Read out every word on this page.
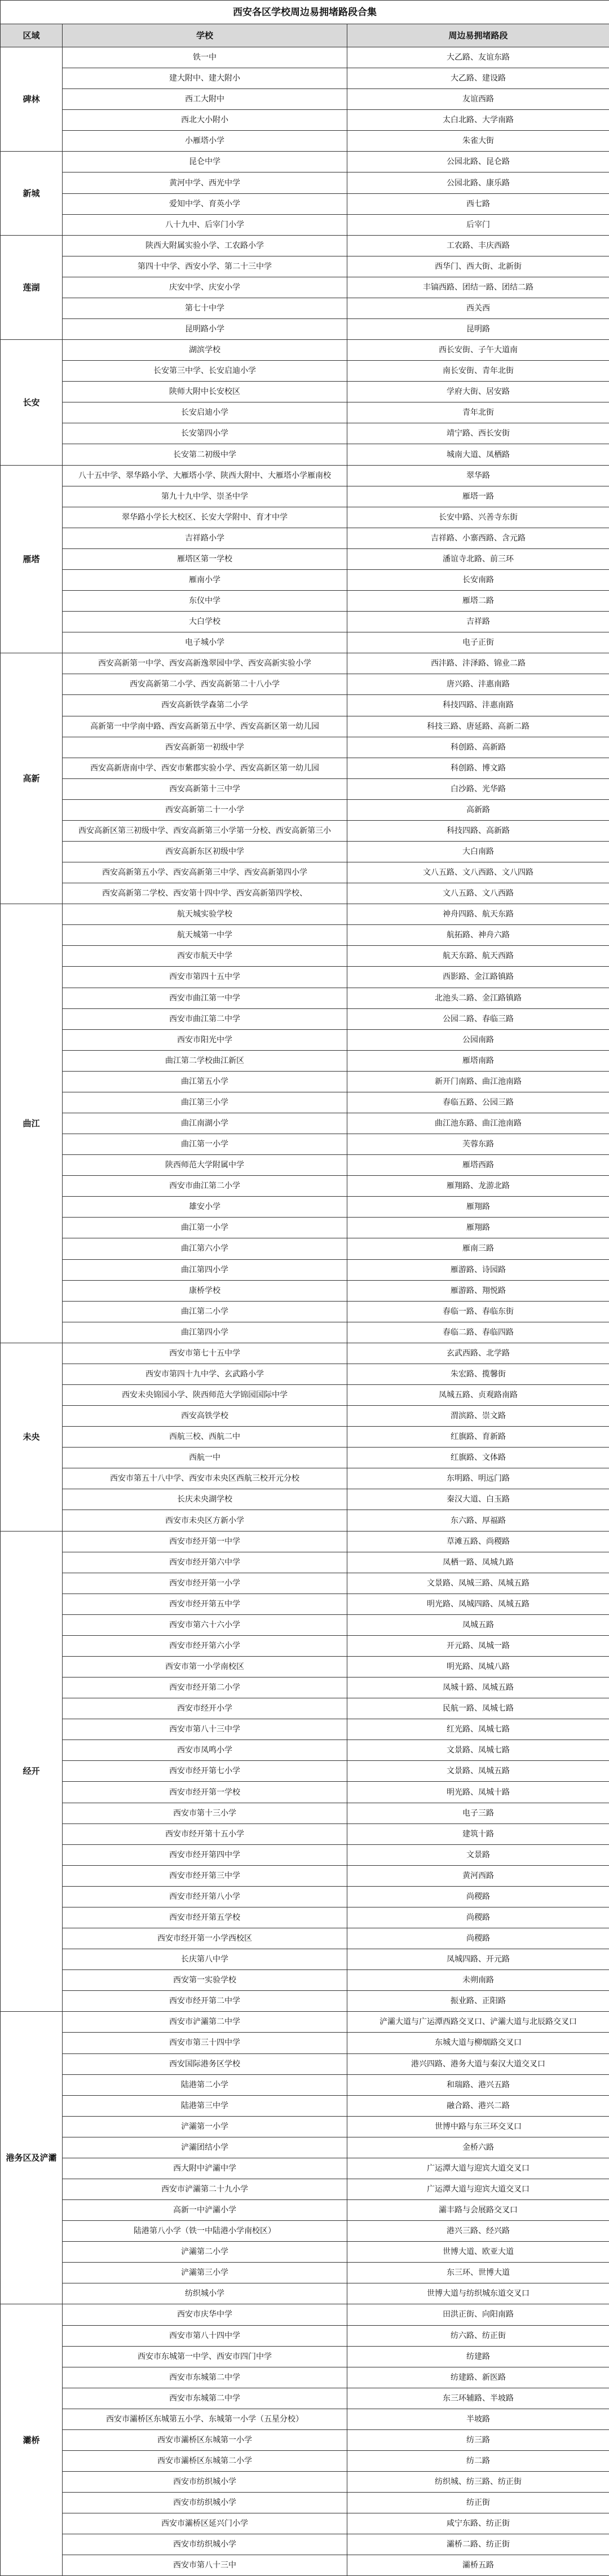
西安各区学校周边易拥堵路段合集		
区域	学校	周边易拥堵路段
碑林	铁一中	大乙路、友谊东路
	建大附中、建大附小	大乙路、建设路
	西工大附中	友谊西路
	西北大小附小	太白北路、大学南路
	小雁塔小学	朱雀大街
新城	昆仑中学	公园北路、昆仑路
	黄河中学、西光中学	公园北路、康乐路
	爱知中学、育英小学	西七路
	八十九中、后宰门小学	后宰门
莲湖	陕西大附属实验小学、工农路小学	工农路、丰庆西路
	第四十中学、西安小学、第二十三中学	西华门、西大街、北新街
	庆安中学、庆安小学	丰镐西路、团结一路、团结二路
	第七十中学	西关西
	昆明路小学	昆明路
长安	湖滨学校	西长安街、子午大道南
	长安第三中学、长安启迪小学	南长安街、青年北街
	陕师大附中长安校区	学府大街、居安路
	长安启迪小学	青年北街
	长安第四小学	靖宁路、西长安街
	长安第二初级中学	城南大道、凤栖路
雁塔	八十五中学、翠华路小学、大雁塔小学、陕西大附中、大雁塔小学雁南校	翠华路
	第九十九中学、崇圣中学	雁塔一路
	翠华路小学长大校区、长安大学附中、育才中学	长安中路、兴善寺东街
	吉祥路小学	吉祥路、小寨西路、含元路
	雁塔区第一学校	潘谊寺北路、前三环
	雁南小学	长安南路
	东仪中学	雁塔二路
	大白学校	吉祥路
	电子城小学	电子正街
高新	西安高新第一中学、西安高新逸翠园中学、西安高新实验小学	西沣路、沣泽路、锦业二路
	西安高新第二小学、西安高新第二十八小学	唐兴路、沣惠南路
	西安高新铁学森第二小学	科技四路、沣惠南路
	高新第一中学南中路、西安高新第五中学、西安高新区第一幼儿园	科技三路、唐延路、高新二路
	西安高新第一初级中学	科创路、高新路
	西安高新唐南中学、西安市紫郡实验小学、西安高新区第一幼儿园	科创路、博文路
	西安高新第十三中学	白沙路、光华路
	西安高新第二十一小学	高新路
	西安高新区第三初级中学、西安高新第三小学第一分校、西安高新第三小	科技四路、高新路
	西安高新东区初级中学	大白南路
	西安高新第五小学、西安高新第三中学、西安高新第四小学	文八五路、文八西路、文八四路
	西安高新第二学校、西安第十四中学、西安高新第四学校、	文八五路、文八西路
曲江	航天城实验学校	神舟四路、航天东路
	航天城第一中学	航拓路、神舟六路
	西安市航天中学	航天东路、航天西路
	西安市第四十五中学	西影路、金江路镇路
	西安市曲江第一中学	北池头二路、金江路镇路
	西安市曲江第二中学	公园二路、春临三路
	西安市阳光中学	公园南路
	曲江第二学校曲江新区	雁塔南路
	曲江第五小学	新开门南路、曲江池南路
	曲江第三小学	春临五路、公园三路
	曲江南湖小学	曲江池东路、曲江池南路
	曲江第一小学	芙蓉东路
	陕西师范大学附属中学	雁塔西路
	西安市曲江第二小学	雁翔路、龙游北路
	雄安小学	雁翔路
	曲江第一小学	雁翔路
	曲江第六小学	雁南三路
	曲江第四小学	雁游路、诗园路
	康桥学校	雁游路、翔悦路
	曲江第二小学	春临一路、春临东街
	曲江第四小学	春临二路、春临四路
未央	西安市第七十五中学	玄武西路、北学路
	西安市第四十九中学、玄武路小学	朱宏路、揽馨街
	西安未央锦园小学、陕西师范大学锦园国际中学	凤城五路、贞观路南路
	西安高铁学校	渭滨路、崇文路
	西航三校、西航二中	红旗路、育新路
	西航一中	红旗路、文体路
	西安市第五十八中学、西安市未央区西航三校开元分校	东明路、明远门路
	长庆未央湖学校	秦汉大道、白玉路
	西安市未央区方新小学	东六路、厚福路
经开	西安市经开第一中学	草滩五路、尚稷路
	西安市经开第六中学	凤栖一路、凤城九路
	西安市经开第一小学	文景路、凤城三路、凤城五路
	西安市经开第五中学	明光路、凤城四路、凤城五路
	西安市第六十六小学	凤城五路
	西安市经开第六小学	开元路、凤城一路
	西安市第一小学南校区	明光路、凤城八路
	西安市经开第二小学	凤城十路、凤城五路
	西安市经开小学	民航一路、凤城七路
	西安市第八十三中学	红光路、凤城七路
	西安市凤鸣小学	文景路、凤城七路
	西安市经开第七小学	文景路、凤城五路
	西安市经开第一学校	明光路、凤城十路
	西安市第十三小学	电子三路
	西安市经开第十五小学	建筑十路
	西安市经开第四中学	文景路
	西安市经开第三中学	黄河西路
	西安市经开第八小学	尚稷路
	西安市经开第五学校	尚稷路
	西安市经开第一小学西校区	尚稷路
	长庆第八中学	凤城四路、开元路
	西安第一实验学校	未朔南路
	西安市经开第二中学	振业路、正阳路
港务区及浐灞	西安市浐灞第二中学	浐灞大道与广运潭西路交叉口、浐灞大道与北辰路交叉口
	西安市第三十四中学	东城大道与柳烟路交叉口
	西安国际港务区学校	港兴四路、港务大道与秦汉大道交叉口
	陆港第二小学	和瑞路、港兴五路
	陆港第三中学	融合路、港兴二路
	浐灞第一小学	世博中路与东三环交叉口
	浐灞团结小学	金桥六路
	西大附中浐灞中学	广运潭大道与迎宾大道交叉口
	西安市浐灞第二十九小学	广运潭大道与迎宾大道交叉口
	高新一中浐灞小学	灞丰路与会展路交叉口
	陆港第八小学（铁一中陆港小学南校区）	港兴三路、经兴路
	浐灞第二小学	世博大道、欧亚大道
	浐灞第三小学	东三环、世博大道
	纺织城小学	世博大道与纺织城东道交叉口
灞桥	西安市庆华中学	田洪正街、向阳南路
	西安市第八十四中学	纺六路、纺正街
	西安市东城第一中学、西安市四门中学	纺建路
	西安市东城第二中学	纺建路、新医路
	西安市东城第二中学	东三环辅路、半坡路
	西安市灞桥区东城第五小学、东城第一小学（五星分校）	半坡路
	西安市灞桥区东城第一小学	纺三路
	西安市灞桥区东城第二小学	纺二路
	西安市纺织城小学	纺织城、纺三路、纺正街
	西安市纺织城小学	纺正街
	西安市灞桥区延兴门小学	咸宁东路、纺正街
	西安市纺织城小学	灞桥二路、纺正街
	西安市第八十三中	灞桥五路
